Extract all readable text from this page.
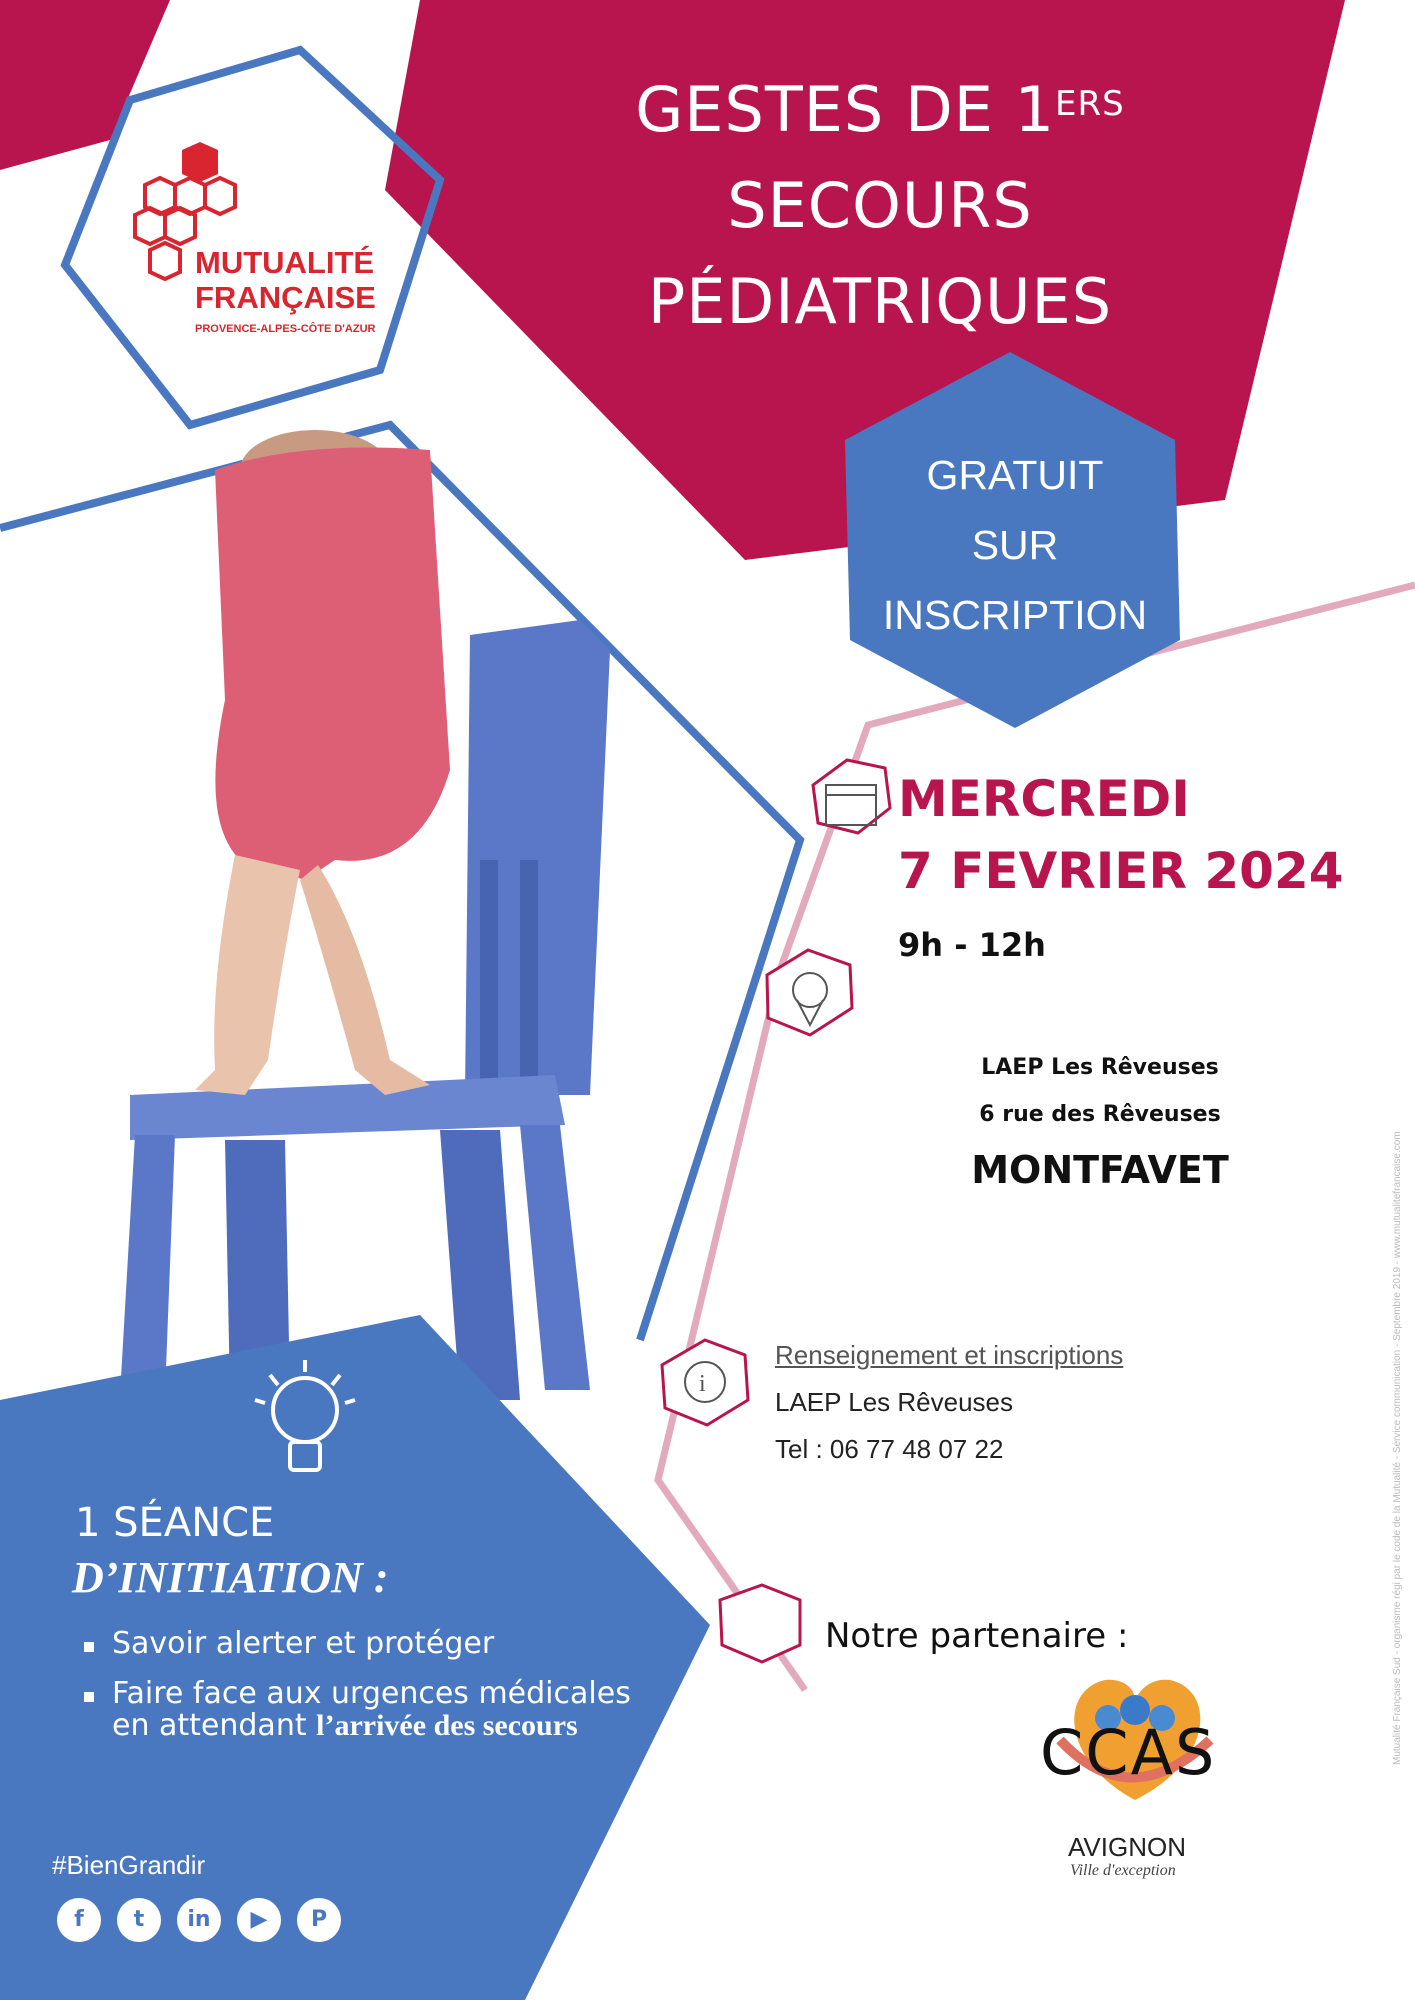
i
MUTUALITÉ
FRANÇAISE
PROVENCE-ALPES-CÔTE D'AZUR
GESTES DE 1ERS
SECOURS
PÉDIATRIQUES
GRATUIT
SUR
INSCRIPTION
MERCREDI
7 FEVRIER 2024
9h - 12h
LAEP Les Rêveuses
6 rue des Rêveuses
MONTFAVET
Renseignement et inscriptions
LAEP Les Rêveuses
Tel : 06 77 48 07 22
Notre partenaire :
CCAS
AVIGNON
Ville d'exception
1 SÉANCE
D’INITIATION :
Savoir alerter et protéger
Faire face aux urgences médicales
en attendant l’arrivée des secours
#BienGrandir
f	t	in	▶	P
Mutualité Française Sud - organisme régi par le code de la Mutualité - Service communication - Septembre 2019 - www.mutualitefrancaise.com
